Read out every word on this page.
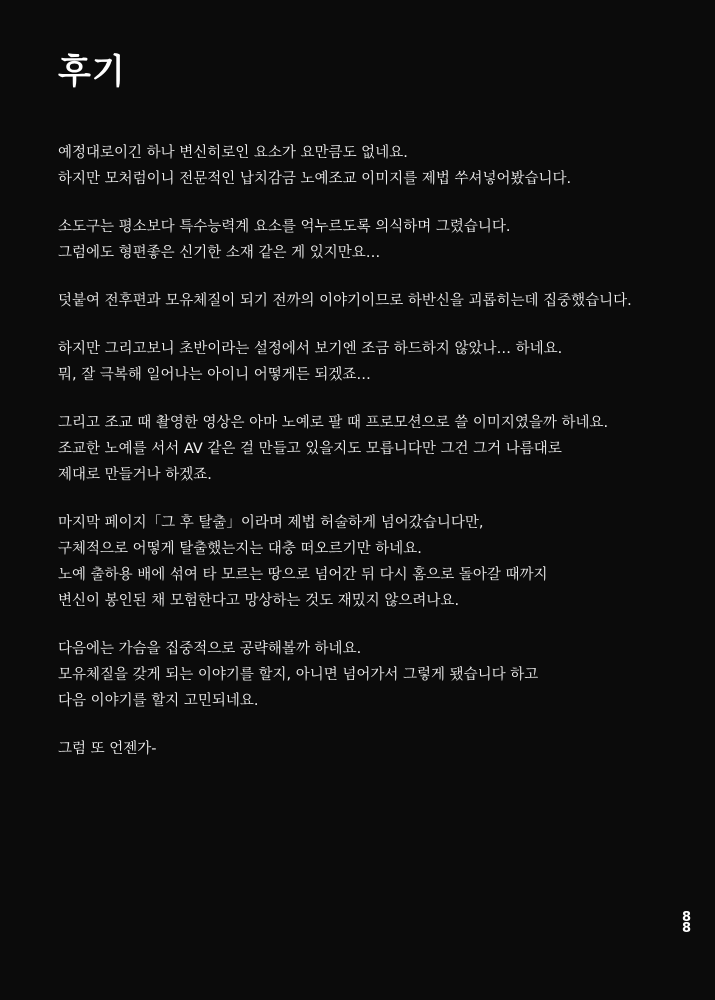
후기

예정대로이긴 하나 변신히로인 요소가 요만큼도 없네요.
하지만 모처럼이니 전문적인 납치감금 노예조교 이미지를 제법 쑤셔넣어봤습니다.

소도구는 평소보다 특수능력계 요소를 억누르도록 의식하며 그렸습니다.
그럼에도 형편좋은 신기한 소재 같은 게 있지만요…

덧붙여 전후편과 모유체질이 되기 전까의 이야기이므로 하반신을 괴롭히는데 집중했습니다.

하지만 그리고보니 초반이라는 설정에서 보기엔 조금 하드하지 않았나… 하네요.
뭐, 잘 극복해 일어나는 아이니 어떻게든 되겠죠…

그리고 조교 때 촬영한 영상은 아마 노예로 팔 때 프로모션으로 쓸 이미지였을까 하네요.
조교한 노예를 서서 AV 같은 걸 만들고 있을지도 모릅니다만 그건 그거 나름대로
제대로 만들거나 하겠죠.

마지막 페이지「그 후 탈출」이라며 제법 허술하게 넘어갔습니다만,
구체적으로 어떻게 탈출했는지는 대충 떠오르기만 하네요.
노예 출하용 배에 섞여 타 모르는 땅으로 넘어간 뒤 다시 홈으로 돌아갈 때까지
변신이 봉인된 채 모험한다고 망상하는 것도 재밌지 않으려나요.

다음에는 가슴을 집중적으로 공략해볼까 하네요.
모유체질을 갖게 되는 이야기를 할지, 아니면 넘어가서 그렇게 됐습니다 하고
다음 이야기를 할지 고민되네요.

그럼 또 언젠가-

8
8
